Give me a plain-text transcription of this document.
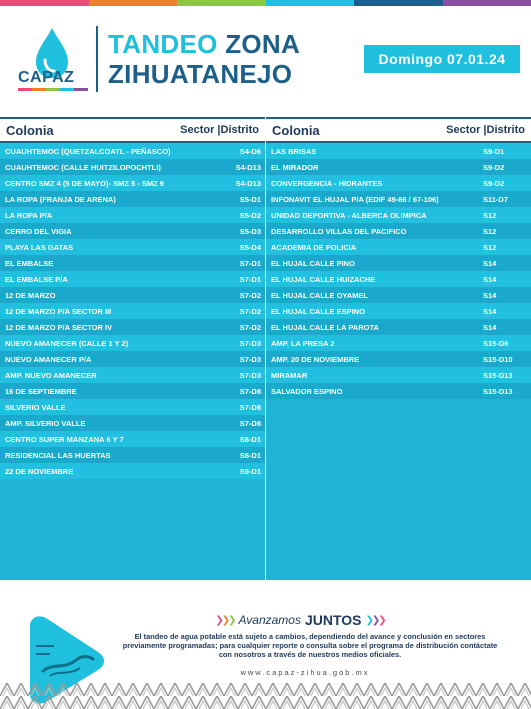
CAPAZ
TANDEO ZONA
ZIHUATANEJO	Domingo 07.01.24
Colonia	Sector |Distrito
CUAUHTEMOC (QUETZALCOATL - PEÑASCO)	S4-D6
CUAUHTEMOC (CALLE HUITZILOPOCHTLI)	S4-D13
CENTRO SMZ 4 (5 DE MAYO)- SMZ 5 - SMZ 9	S4-D13
LA ROPA (FRANJA DE ARENA)	S5-D1
LA ROPA P/A	S5-D2
CERRO DEL VIGIA	S5-D3
PLAYA LAS GATAS	S5-D4
EL EMBALSE	S7-D1
EL EMBALSE P/A	S7-D1
12 DE MARZO	S7-D2
12 DE MARZO P/A SECTOR III	S7-D2
12 DE MARZO P/A SECTOR IV	S7-D2
NUEVO AMANECER (CALLE 1 Y 2)	S7-D3
NUEVO AMANECER P/A	S7-D3
AMP. NUEVO AMANECER	S7-D3
16 DE SEPTIEMBRE	S7-D8
SILVERIO VALLE	S7-D8
AMP. SILVERIO VALLE	S7-D8
CENTRO SUPER MANZANA 6 Y 7	S8-D1
RESIDENCIAL LAS HUERTAS	S8-D1
22 DE NOVIEMBRE	S9-D1
Colonia	Sector |Distrito
LAS BRISAS	S9-D1
EL MIRADOR	S9-D2
CONVERGENCIA - HIDRANTES	S9-D2
INFONAVIT EL HUJAL P/A (EDIF 49-66 / 67-106)	S11-D7
UNIDAD DEPORTIVA - ALBERCA OLIMPICA	S12
DESARROLLO VILLAS DEL PACIFICO	S12
ACADEMIA DE POLICIA	S12
EL HUJAL CALLE PINO	S14
EL HUJAL CALLE HUIZACHE	S14
EL HUJAL CALLE OYAMEL	S14
EL HUJAL CALLE ESPINO	S14
EL HUJAL CALLE LA PAROTA	S14
AMP. LA PRESA 2	S15-D6
AMP. 20 DE NOVIEMBRE	S15-D10
MIRAMAR	S15-D13
SALVADOR ESPINO	S15-D13
❯❯❯ Avanzamos JUNTOS ❯❯❯
El tandeo de agua potable está sujeto a cambios, dependiendo del avance y conclusión en sectores previamente programadas; para cualquier reporte o consulta sobre el programa de distribución contáctate con nosotros a través de nuestros medios oficiales.
www.capaz-zihua.gob.mx
